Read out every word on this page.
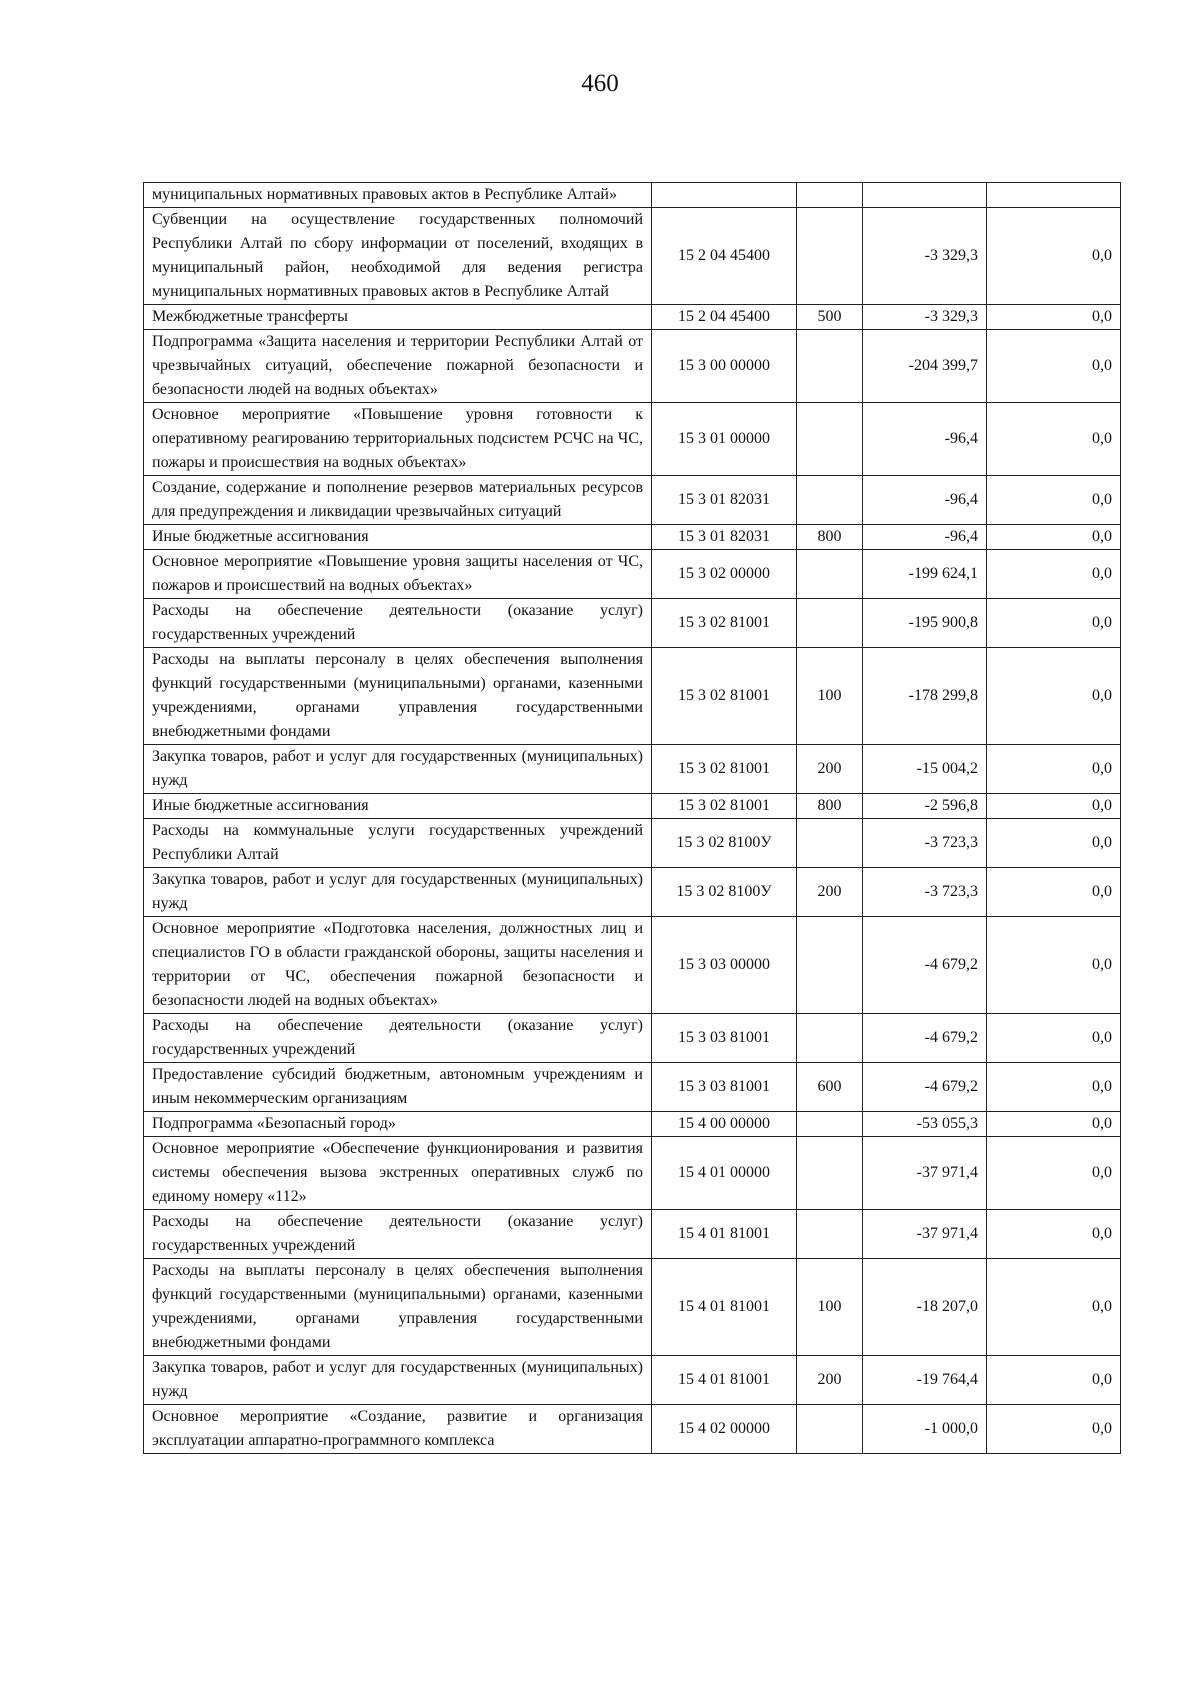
460
муниципальных нормативных правовых актов в Республике Алтай»				
Субвенции на осуществление государственных полномочий Республики Алтай по сбору информации от поселений, входящих в муниципальный район, необходимой для ведения регистра муниципальных нормативных правовых актов в Республике Алтай	15 2 04 45400		-3 329,3	0,0
Межбюджетные трансферты	15 2 04 45400	500	-3 329,3	0,0
Подпрограмма «Защита населения и территории Республики Алтай от чрезвычайных ситуаций, обеспечение пожарной безопасности и безопасности людей на водных объектах»	15 3 00 00000		-204 399,7	0,0
Основное мероприятие «Повышение уровня готовности к оперативному реагированию территориальных подсистем РСЧС на ЧС, пожары и происшествия на водных объектах»	15 3 01 00000		-96,4	0,0
Создание, содержание и пополнение резервов материальных ресурсов для предупреждения и ликвидации чрезвычайных ситуаций	15 3 01 82031		-96,4	0,0
Иные бюджетные ассигнования	15 3 01 82031	800	-96,4	0,0
Основное мероприятие «Повышение уровня защиты населения от ЧС, пожаров и происшествий на водных объектах»	15 3 02 00000		-199 624,1	0,0
Расходы на обеспечение деятельности (оказание услуг) государственных учреждений	15 3 02 81001		-195 900,8	0,0
Расходы на выплаты персоналу в целях обеспечения выполнения функций государственными (муниципальными) органами, казенными учреждениями, органами управления государственными внебюджетными фондами	15 3 02 81001	100	-178 299,8	0,0
Закупка товаров, работ и услуг для государственных (муниципальных) нужд	15 3 02 81001	200	-15 004,2	0,0
Иные бюджетные ассигнования	15 3 02 81001	800	-2 596,8	0,0
Расходы на коммунальные услуги государственных учреждений Республики Алтай	15 3 02 8100У		-3 723,3	0,0
Закупка товаров, работ и услуг для государственных (муниципальных) нужд	15 3 02 8100У	200	-3 723,3	0,0
Основное мероприятие «Подготовка населения, должностных лиц и специалистов ГО в области гражданской обороны, защиты населения и территории от ЧС, обеспечения пожарной безопасности и безопасности людей на водных объектах»	15 3 03 00000		-4 679,2	0,0
Расходы на обеспечение деятельности (оказание услуг) государственных учреждений	15 3 03 81001		-4 679,2	0,0
Предоставление субсидий бюджетным, автономным учреждениям и иным некоммерческим организациям	15 3 03 81001	600	-4 679,2	0,0
Подпрограмма «Безопасный город»	15 4 00 00000		-53 055,3	0,0
Основное мероприятие «Обеспечение функционирования и развития системы обеспечения вызова экстренных оперативных служб по единому номеру «112»	15 4 01 00000		-37 971,4	0,0
Расходы на обеспечение деятельности (оказание услуг) государственных учреждений	15 4 01 81001		-37 971,4	0,0
Расходы на выплаты персоналу в целях обеспечения выполнения функций государственными (муниципальными) органами, казенными учреждениями, органами управления государственными внебюджетными фондами	15 4 01 81001	100	-18 207,0	0,0
Закупка товаров, работ и услуг для государственных (муниципальных) нужд	15 4 01 81001	200	-19 764,4	0,0
Основное мероприятие «Создание, развитие и организация эксплуатации аппаратно-программного комплекса	15 4 02 00000		-1 000,0	0,0
